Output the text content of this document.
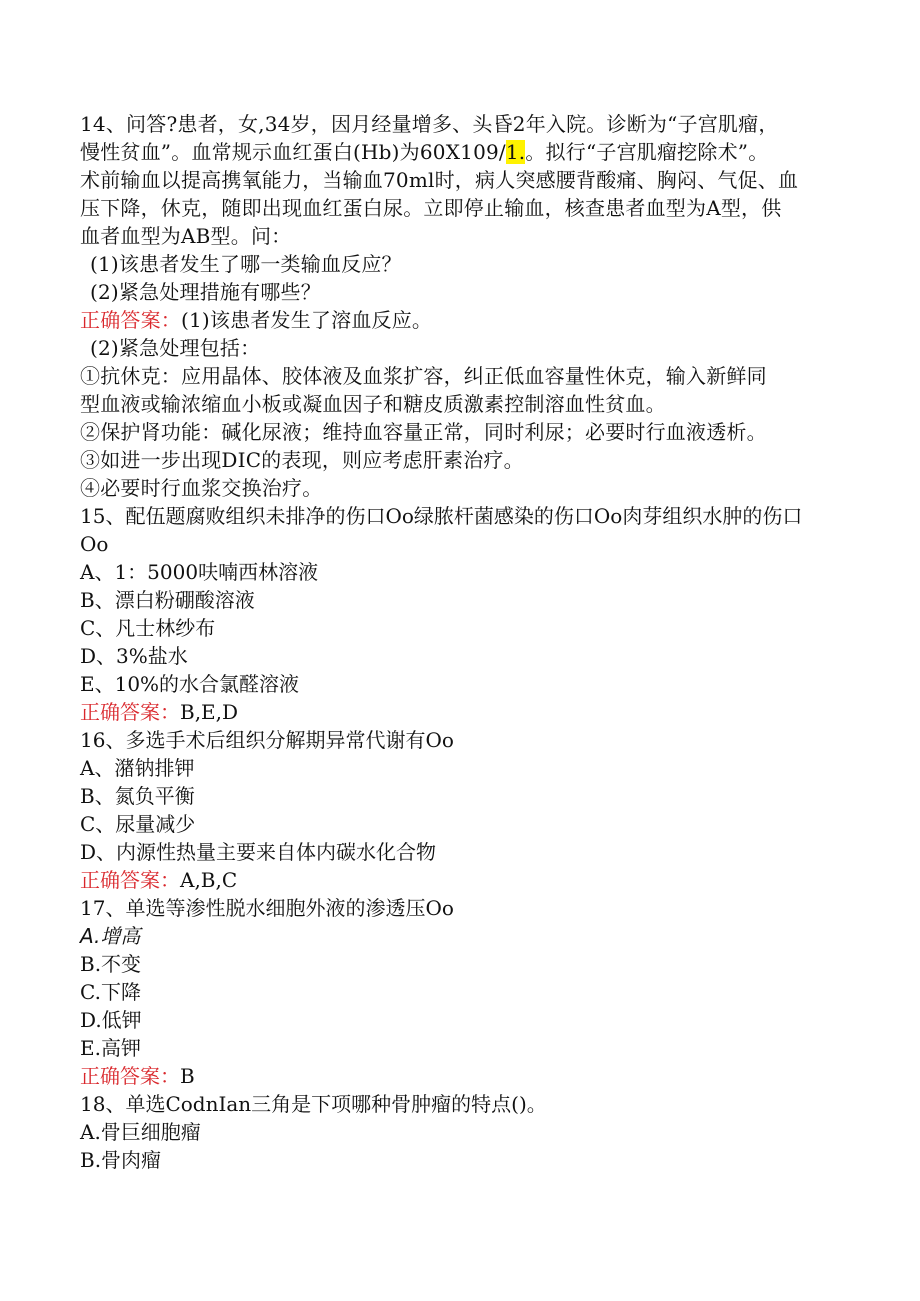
14、问答?患者，女,34岁，因月经量增多、头昏2年入院。诊断为“子宫肌瘤，

慢性贫血”。血常规示血红蛋白(Hb)为60X109/1.。拟行“子宫肌瘤挖除术”。

术前输血以提高携氧能力，当输血70ml时，病人突感腰背酸痛、胸闷、气促、血

压下降，休克，随即出现血红蛋白尿。立即停止输血，核查患者血型为A型，供

血者血型为AB型。问：

(1)该患者发生了哪一类输血反应？

(2)紧急处理措施有哪些？

正确答案：(1)该患者发生了溶血反应。

(2)紧急处理包括：

①抗休克：应用晶体、胶体液及血浆扩容，纠正低血容量性休克，输入新鲜同

型血液或输浓缩血小板或凝血因子和糖皮质激素控制溶血性贫血。

②保护肾功能：碱化尿液；维持血容量正常，同时利尿；必要时行血液透析。

③如进一步出现DIC的表现，则应考虑肝素治疗。

④必要时行血浆交换治疗。

15、配伍题腐败组织未排净的伤口Oo绿脓杆菌感染的伤口Oo肉芽组织水肿的伤口

Oo

A、1：5000呋喃西林溶液

B、漂白粉硼酸溶液

C、凡士林纱布

D、3%盐水

E、10%的水合氯醛溶液

正确答案：B,E,D

16、多选手术后组织分解期异常代谢有Oo

A、潴钠排钾

B、氮负平衡

C、尿量减少

D、内源性热量主要来自体内碳水化合物

正确答案：A,B,C

17、单选等渗性脱水细胞外液的渗透压Oo

A.增高

B.不变

C.下降

D.低钾

E.高钾

正确答案：B

18、单选CodnIan三角是下项哪种骨肿瘤的特点()。

A.骨巨细胞瘤

B.骨肉瘤
